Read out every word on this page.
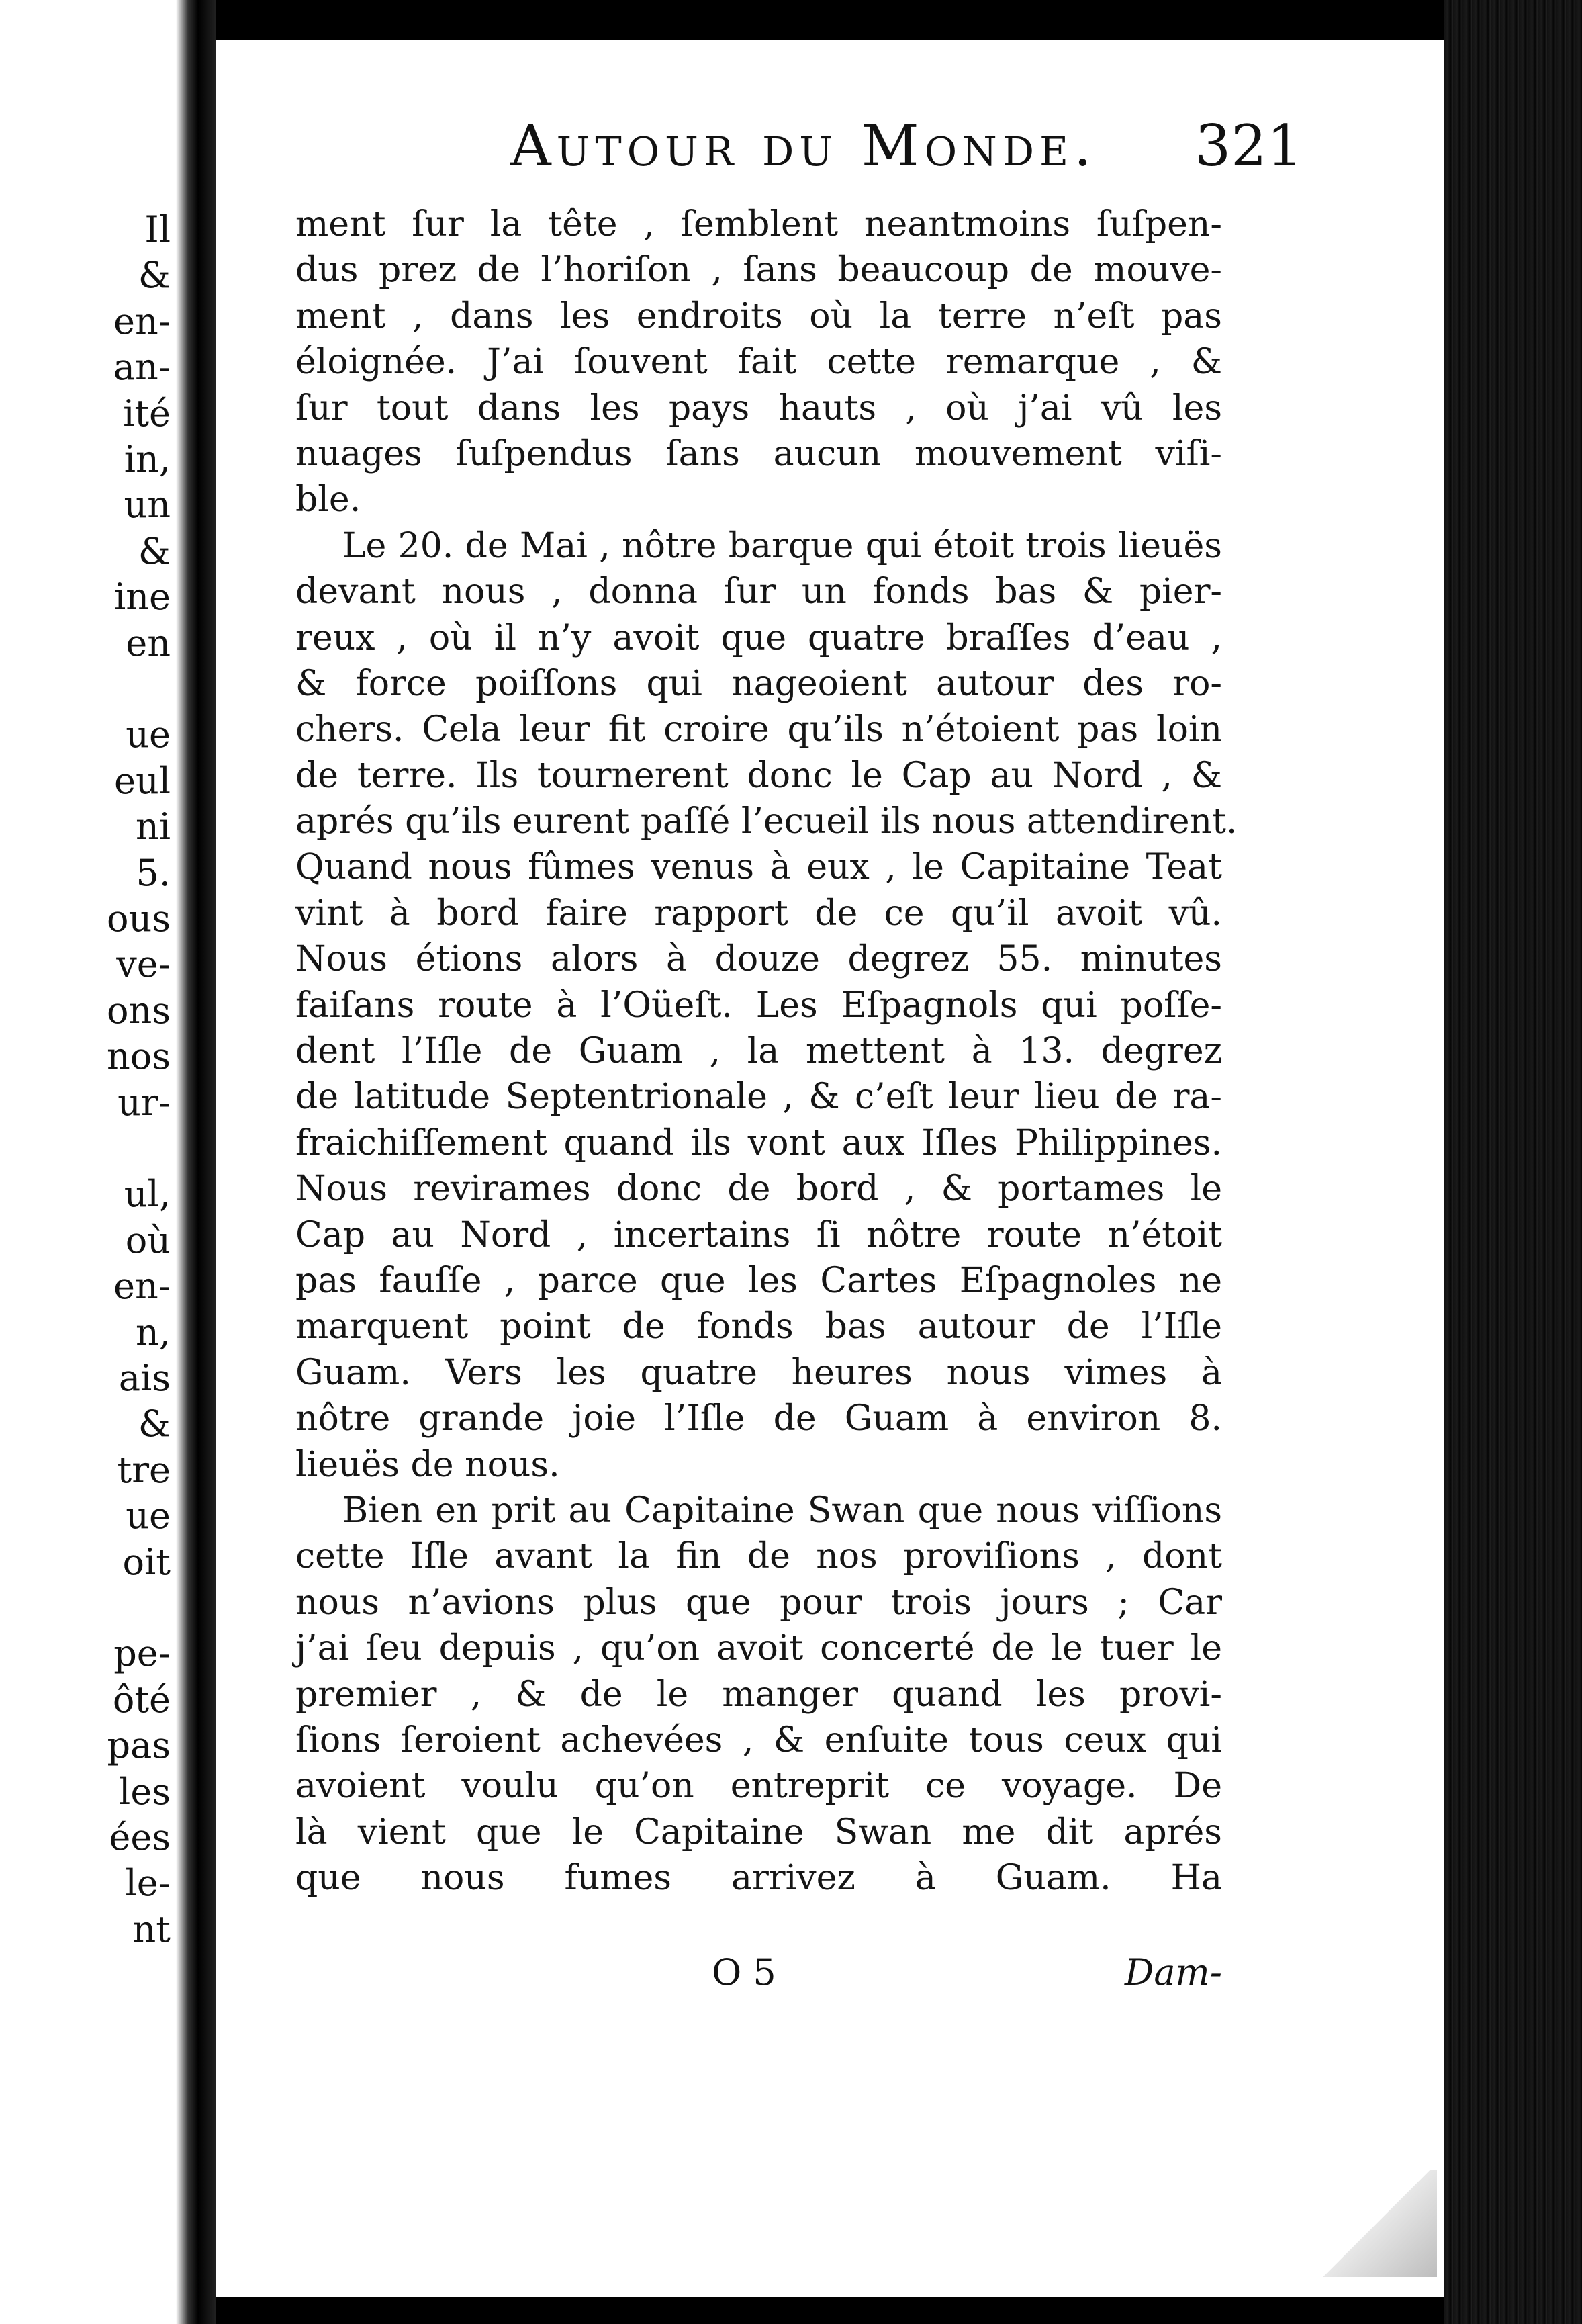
Il
&
en-
an-
ité
in,
un
&
ine
en
ue
eul
ni
5.
ous
ve-
ons
nos
ur-
ul,
où
en-
n,
ais
&
tre
ue
oit
pe-
ôté
pas
les
ées
le-
nt
Autour du Monde. 321
ment ſur la tête , ſemblent neantmoins ſuſpen-
dus prez de l’horiſon , ſans beaucoup de mouve-
ment , dans les endroits où la terre n’eſt pas
éloignée. J’ai ſouvent fait cette remarque , &
ſur tout dans les pays hauts , où j’ai vû les
nuages ſuſpendus ſans aucun mouvement viſi-
ble.
Le 20. de Mai , nôtre barque qui étoit trois lieuës
devant nous , donna ſur un fonds bas & pier-
reux , où il n’y avoit que quatre braſſes d’eau ,
& force poiſſons qui nageoient autour des ro-
chers. Cela leur fit croire qu’ils n’étoient pas loin
de terre. Ils tournerent donc le Cap au Nord , &
aprés qu’ils eurent paſſé l’ecueil ils nous attendirent.
Quand nous fûmes venus à eux , le Capitaine Teat
vint à bord faire rapport de ce qu’il avoit vû.
Nous étions alors à douze degrez 55. minutes
faiſans route à l’Oüeſt. Les Eſpagnols qui poſſe-
dent l’Iſle de Guam , la mettent à 13. degrez
de latitude Septentrionale , & c’eſt leur lieu de ra-
fraichiſſement quand ils vont aux Iſles Philippines.
Nous revirames donc de bord , & portames le
Cap au Nord , incertains ſi nôtre route n’étoit
pas fauſſe , parce que les Cartes Eſpagnoles ne
marquent point de fonds bas autour de l’Iſle
Guam. Vers les quatre heures nous vimes à
nôtre grande joie l’Iſle de Guam à environ 8.
lieuës de nous.
Bien en prit au Capitaine Swan que nous viſſions
cette Iſle avant la fin de nos proviſions , dont
nous n’avions plus que pour trois jours ; Car
j’ai ſeu depuis , qu’on avoit concerté de le tuer le
premier , & de le manger quand les provi-
ſions ſeroient achevées , & enſuite tous ceux qui
avoient voulu qu’on entreprit ce voyage. De
là vient que le Capitaine Swan me dit aprés
que nous fumes arrivez à Guam. Ha
O 5	Dam-
